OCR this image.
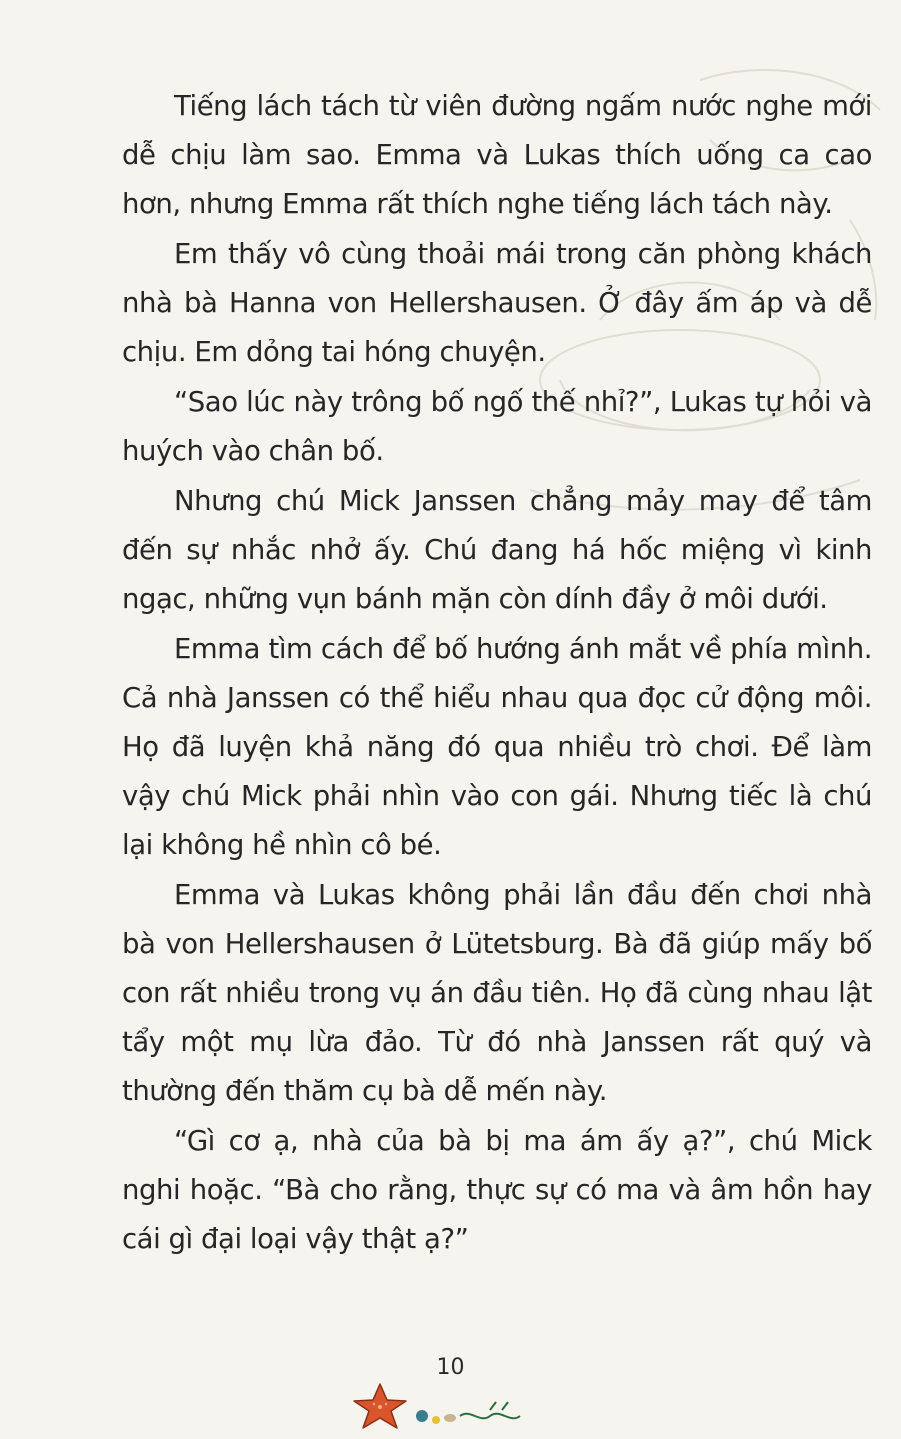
Tiếng lách tách từ viên đường ngấm nước nghe mới dễ chịu làm sao. Emma và Lukas thích uống ca cao hơn, nhưng Emma rất thích nghe tiếng lách tách này.

Em thấy vô cùng thoải mái trong căn phòng khách nhà bà Hanna von Hellershausen. Ở đây ấm áp và dễ chịu. Em dỏng tai hóng chuyện.

“Sao lúc này trông bố ngố thế nhỉ?”, Lukas tự hỏi và huých vào chân bố.

Nhưng chú Mick Janssen chẳng mảy may để tâm đến sự nhắc nhở ấy. Chú đang há hốc miệng vì kinh ngạc, những vụn bánh mặn còn dính đầy ở môi dưới.

Emma tìm cách để bố hướng ánh mắt về phía mình. Cả nhà Janssen có thể hiểu nhau qua đọc cử động môi. Họ đã luyện khả năng đó qua nhiều trò chơi. Để làm vậy chú Mick phải nhìn vào con gái. Nhưng tiếc là chú lại không hề nhìn cô bé.

Emma và Lukas không phải lần đầu đến chơi nhà bà von Hellershausen ở Lütetsburg. Bà đã giúp mấy bố con rất nhiều trong vụ án đầu tiên. Họ đã cùng nhau lật tẩy một mụ lừa đảo. Từ đó nhà Janssen rất quý và thường đến thăm cụ bà dễ mến này.

“Gì cơ ạ, nhà của bà bị ma ám ấy ạ?”, chú Mick nghi hoặc. “Bà cho rằng, thực sự có ma và âm hồn hay cái gì đại loại vậy thật ạ?”

10
